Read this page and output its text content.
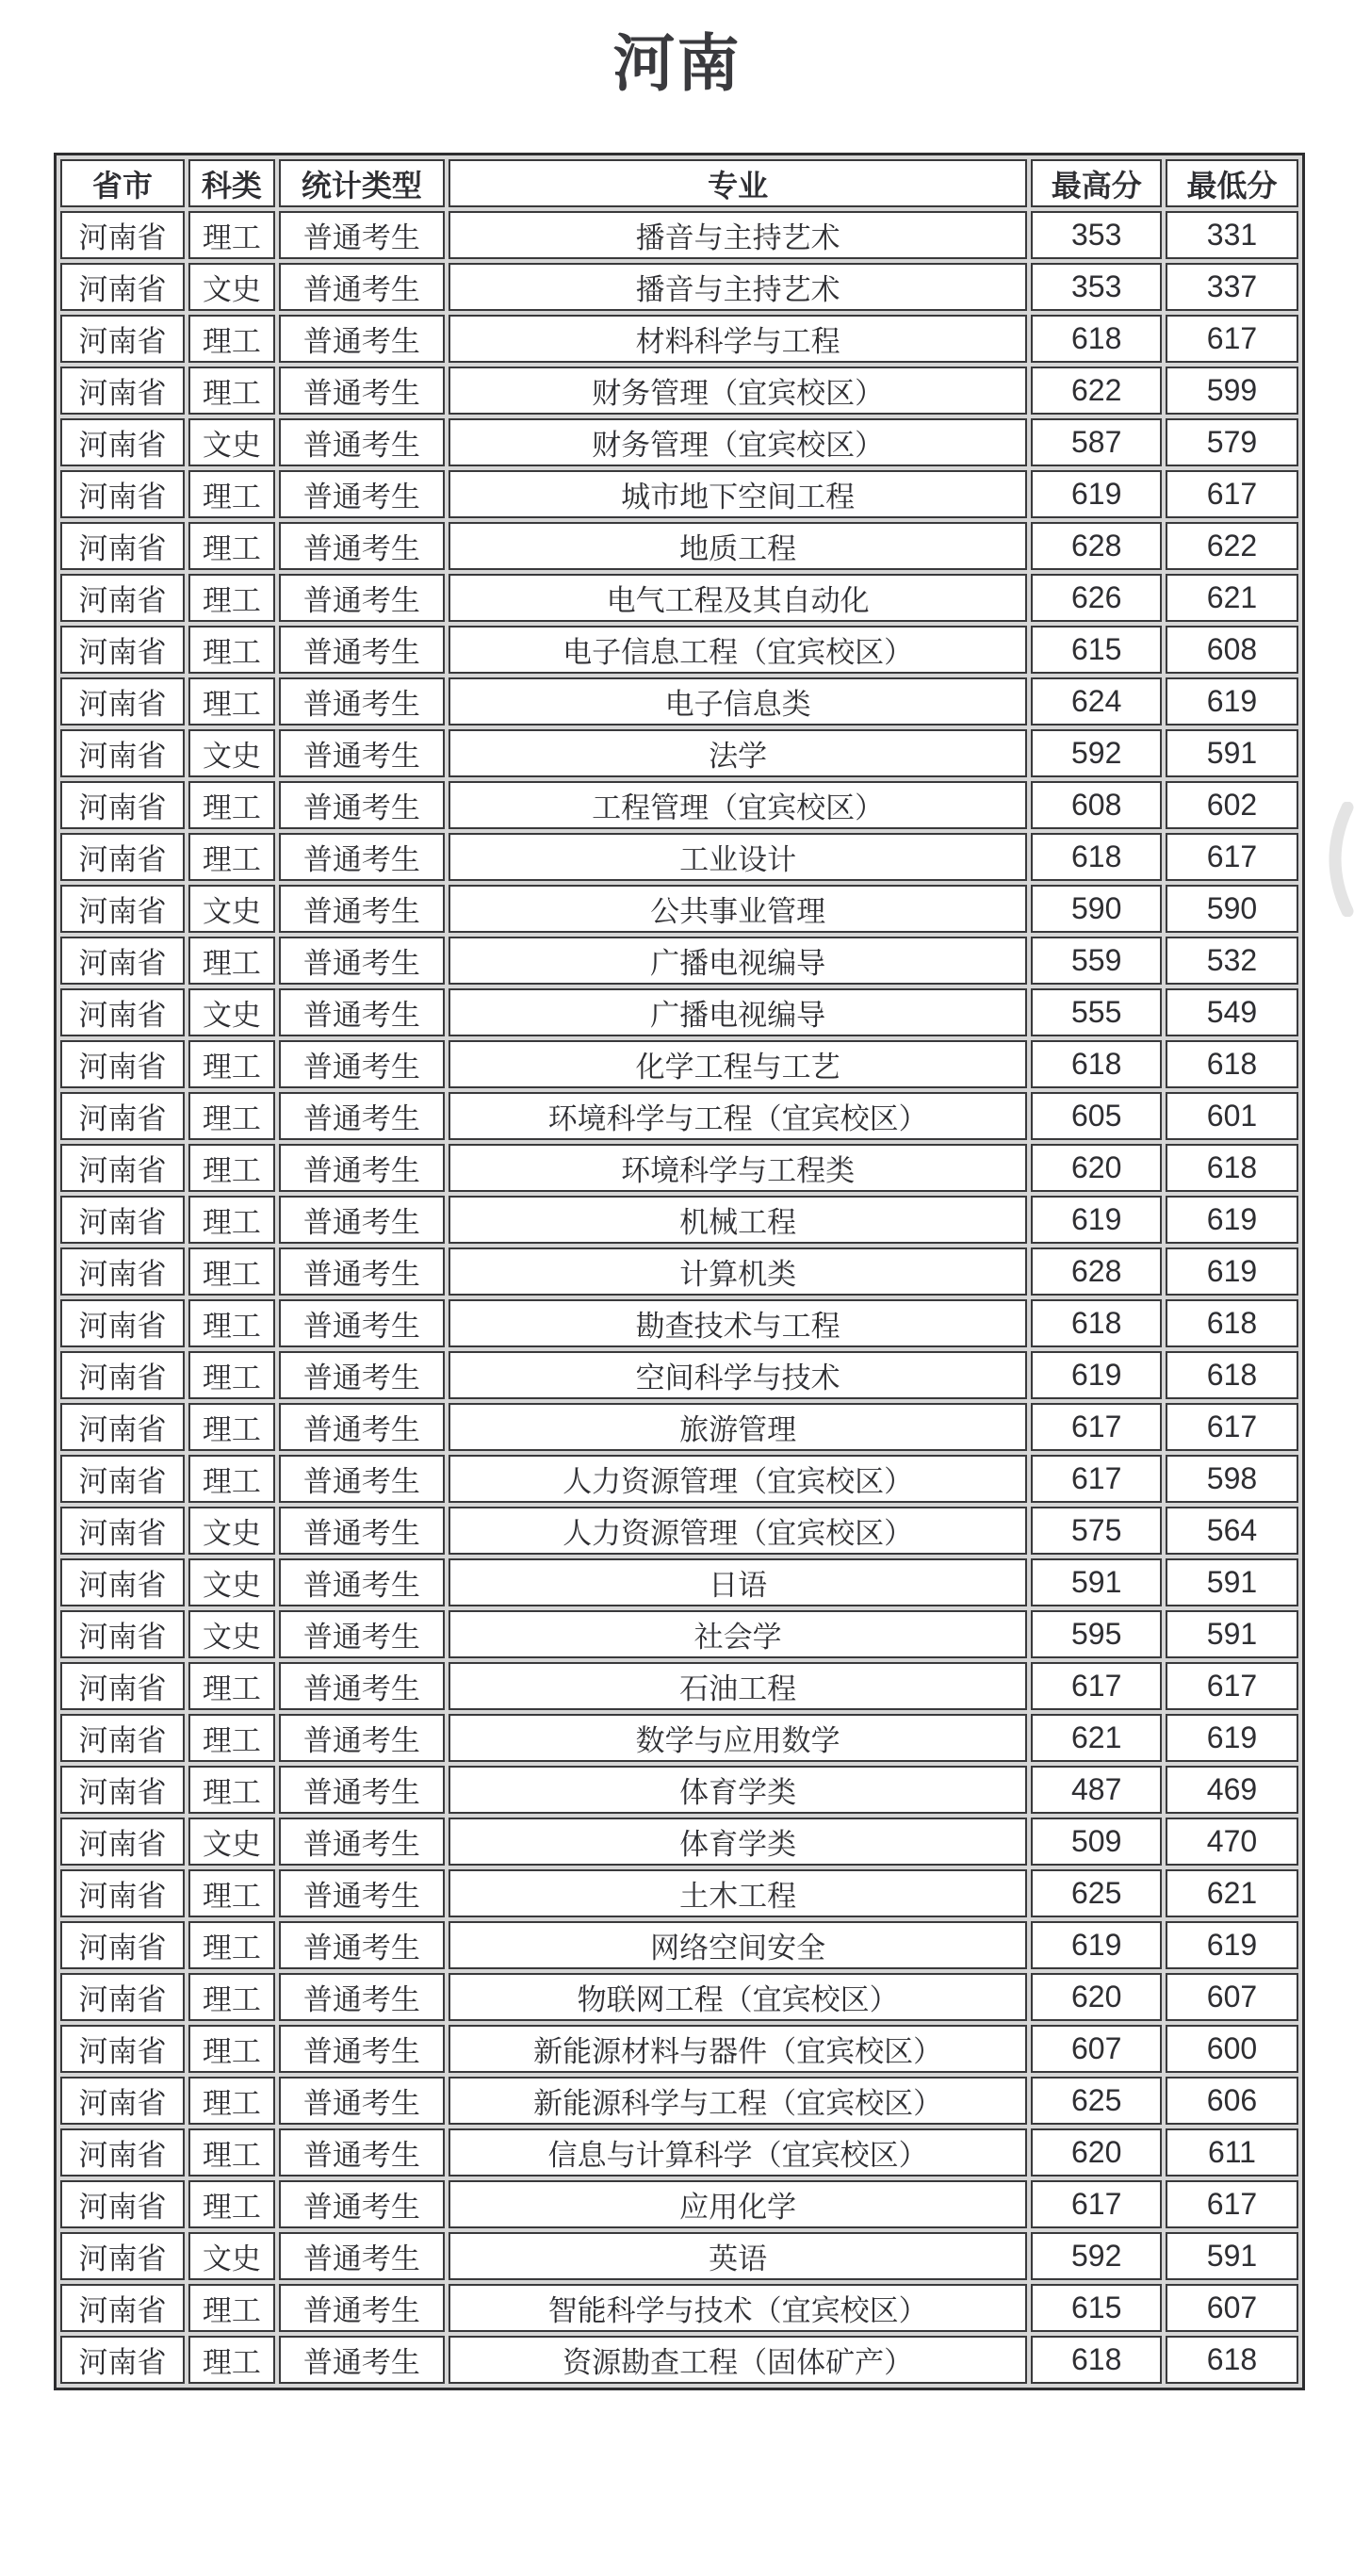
河南
省市	科类	统计类型	专业	最高分	最低分
河南省	理工	普通考生	播音与主持艺术	353	331
河南省	文史	普通考生	播音与主持艺术	353	337
河南省	理工	普通考生	材料科学与工程	618	617
河南省	理工	普通考生	财务管理（宜宾校区）	622	599
河南省	文史	普通考生	财务管理（宜宾校区）	587	579
河南省	理工	普通考生	城市地下空间工程	619	617
河南省	理工	普通考生	地质工程	628	622
河南省	理工	普通考生	电气工程及其自动化	626	621
河南省	理工	普通考生	电子信息工程（宜宾校区）	615	608
河南省	理工	普通考生	电子信息类	624	619
河南省	文史	普通考生	法学	592	591
河南省	理工	普通考生	工程管理（宜宾校区）	608	602
河南省	理工	普通考生	工业设计	618	617
河南省	文史	普通考生	公共事业管理	590	590
河南省	理工	普通考生	广播电视编导	559	532
河南省	文史	普通考生	广播电视编导	555	549
河南省	理工	普通考生	化学工程与工艺	618	618
河南省	理工	普通考生	环境科学与工程（宜宾校区）	605	601
河南省	理工	普通考生	环境科学与工程类	620	618
河南省	理工	普通考生	机械工程	619	619
河南省	理工	普通考生	计算机类	628	619
河南省	理工	普通考生	勘查技术与工程	618	618
河南省	理工	普通考生	空间科学与技术	619	618
河南省	理工	普通考生	旅游管理	617	617
河南省	理工	普通考生	人力资源管理（宜宾校区）	617	598
河南省	文史	普通考生	人力资源管理（宜宾校区）	575	564
河南省	文史	普通考生	日语	591	591
河南省	文史	普通考生	社会学	595	591
河南省	理工	普通考生	石油工程	617	617
河南省	理工	普通考生	数学与应用数学	621	619
河南省	理工	普通考生	体育学类	487	469
河南省	文史	普通考生	体育学类	509	470
河南省	理工	普通考生	土木工程	625	621
河南省	理工	普通考生	网络空间安全	619	619
河南省	理工	普通考生	物联网工程（宜宾校区）	620	607
河南省	理工	普通考生	新能源材料与器件（宜宾校区）	607	600
河南省	理工	普通考生	新能源科学与工程（宜宾校区）	625	606
河南省	理工	普通考生	信息与计算科学（宜宾校区）	620	611
河南省	理工	普通考生	应用化学	617	617
河南省	文史	普通考生	英语	592	591
河南省	理工	普通考生	智能科学与技术（宜宾校区）	615	607
河南省	理工	普通考生	资源勘查工程（固体矿产）	618	618
